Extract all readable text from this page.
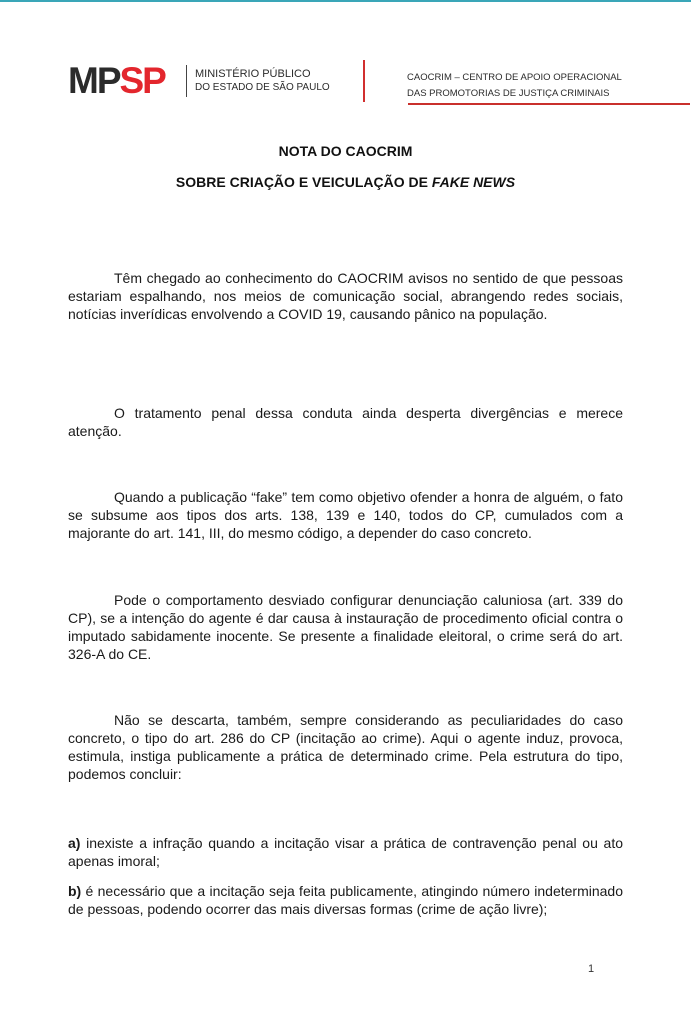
MPSP	MINISTÉRIO PÚBLICO
DO ESTADO DE SÃO PAULO
CAOCRIM – CENTRO DE APOIO OPERACIONAL
DAS PROMOTORIAS DE JUSTIÇA CRIMINAIS
NOTA DO CAOCRIM
SOBRE CRIAÇÃO E VEICULAÇÃO DE FAKE NEWS

Têm chegado ao conhecimento do CAOCRIM avisos no sentido de que pessoas estariam espalhando, nos meios de comunicação social, abrangendo redes sociais, notícias inverídicas envolvendo a COVID 19, causando pânico na população.

O tratamento penal dessa conduta ainda desperta divergências e merece atenção.

Quando a publicação “fake” tem como objetivo ofender a honra de alguém, o fato se subsume aos tipos dos arts. 138, 139 e 140, todos do CP, cumulados com a majorante do art. 141, III, do mesmo código, a depender do caso concreto.

Pode o comportamento desviado configurar denunciação caluniosa (art. 339 do CP), se a intenção do agente é dar causa à instauração de procedimento oficial contra o imputado sabidamente inocente. Se presente a finalidade eleitoral, o crime será do art. 326-A do CE.

Não se descarta, também, sempre considerando as peculiaridades do caso concreto, o tipo do art. 286 do CP (incitação ao crime). Aqui o agente induz, provoca, estimula, instiga publicamente a prática de determinado crime. Pela estrutura do tipo, podemos concluir:

a) inexiste a infração quando a incitação visar a prática de contravenção penal ou ato apenas imoral;

b) é necessário que a incitação seja feita publicamente, atingindo número indeterminado de pessoas, podendo ocorrer das mais diversas formas (crime de ação livre);

1
